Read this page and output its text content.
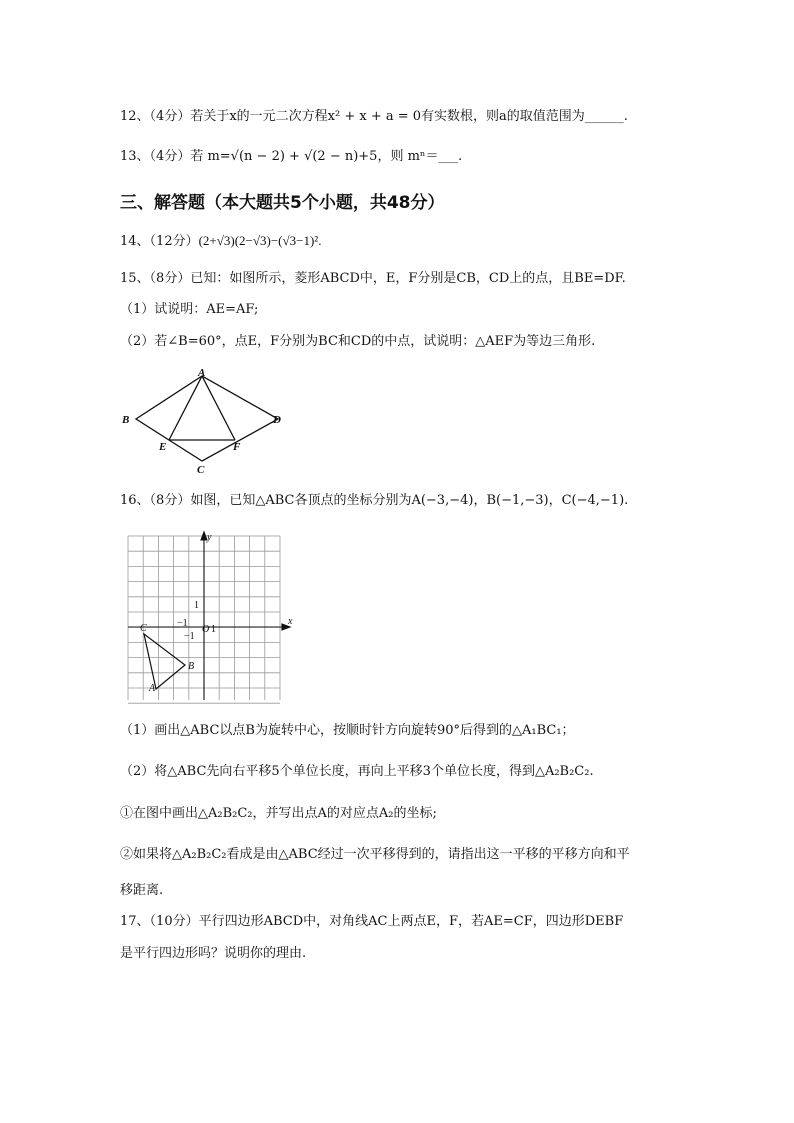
12、（4分）若关于x的一元二次方程x² + x + a = 0有实数根，则a的取值范围为______.
13、（4分）若 m=√(n − 2) + √(2 − n)+5，则 mⁿ＝___.
三、解答题（本大题共5个小题，共48分）
14、（12分）(2+√3)(2−√3)−(√3−1)².
15、（8分）已知：如图所示，菱形ABCD中，E，F分别是CB，CD上的点，且BE=DF.
（1）试说明：AE=AF;
（2）若∠B=60°，点E，F分别为BC和CD的中点，试说明：△AEF为等边三角形.
A
B
C
D
E	F
16、（8分）如图，已知△ABC各顶点的坐标分别为A(−3,−4)，B(−1,−3)，C(−4,−1).
y
x
1
−1
O 1
−1
C
B
A
（1）画出△ABC以点B为旋转中心，按顺时针方向旋转90°后得到的△A₁BC₁；
（2）将△ABC先向右平移5个单位长度，再向上平移3个单位长度，得到△A₂B₂C₂.
①在图中画出△A₂B₂C₂，并写出点A的对应点A₂的坐标;
②如果将△A₂B₂C₂看成是由△ABC经过一次平移得到的，请指出这一平移的平移方向和平
移距离.
17、（10分）平行四边形ABCD中，对角线AC上两点E，F，若AE=CF，四边形DEBF
是平行四边形吗？说明你的理由.
